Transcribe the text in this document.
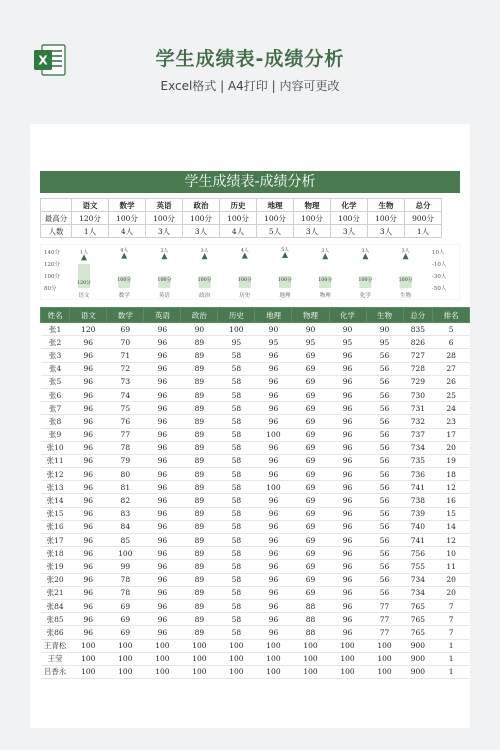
X	学生成绩表-成绩分析
Excel格式 | A4打印 | 内容可更改
学生成绩表-成绩分析
	语文	数学	英语	政治	历史	地理	物理	化学	生物	总分
最高分	120分	100分	100分	100分	100分	100分	100分	100分	100分	900分
人数	1人	4人	3人	3人	4人	5人	3人	3人	3人	1人
140分
120分
100分
80分
10人
-10人
-30人
-50人
120分
1人
语文
100分
4人
数学
100分
3人
英语
100分
3人
政治
100分
4人
历史
100分
5人
地理
100分
3人
物理
100分
3人
化学
100分
3人
生物
姓名	语文	数学	英语	政治	历史	地理	物理	化学	生物	总分	排名
张1	120	69	96	90	100	90	90	90	90	835	5
张2	96	70	96	89	95	95	95	95	95	826	6
张3	96	71	96	89	58	96	69	96	56	727	28
张4	96	72	96	89	58	96	69	96	56	728	27
张5	96	73	96	89	58	96	69	96	56	729	26
张6	96	74	96	89	58	96	69	96	56	730	25
张7	96	75	96	89	58	96	69	96	56	731	24
张8	96	76	96	89	58	96	69	96	56	732	23
张9	96	77	96	89	58	100	69	96	56	737	17
张10	96	78	96	89	58	96	69	96	56	734	20
张11	96	79	96	89	58	96	69	96	56	735	19
张12	96	80	96	89	58	96	69	96	56	736	18
张13	96	81	96	89	58	100	69	96	56	741	12
张14	96	82	96	89	58	96	69	96	56	738	16
张15	96	83	96	89	58	96	69	96	56	739	15
张16	96	84	96	89	58	96	69	96	56	740	14
张17	96	85	96	89	58	96	69	96	56	741	12
张18	96	100	96	89	58	96	69	96	56	756	10
张19	96	99	96	89	58	96	69	96	56	755	11
张20	96	78	96	89	58	96	69	96	56	734	20
张21	96	78	96	89	58	96	69	96	56	734	20
张84	96	69	96	89	58	96	88	96	77	765	7
张85	96	69	96	89	58	96	88	96	77	765	7
张86	96	69	96	89	58	96	88	96	77	765	7
王青松	100	100	100	100	100	100	100	100	100	900	1
王莹	100	100	100	100	100	100	100	100	100	900	1
吕香永	100	100	100	100	100	100	100	100	100	900	1
